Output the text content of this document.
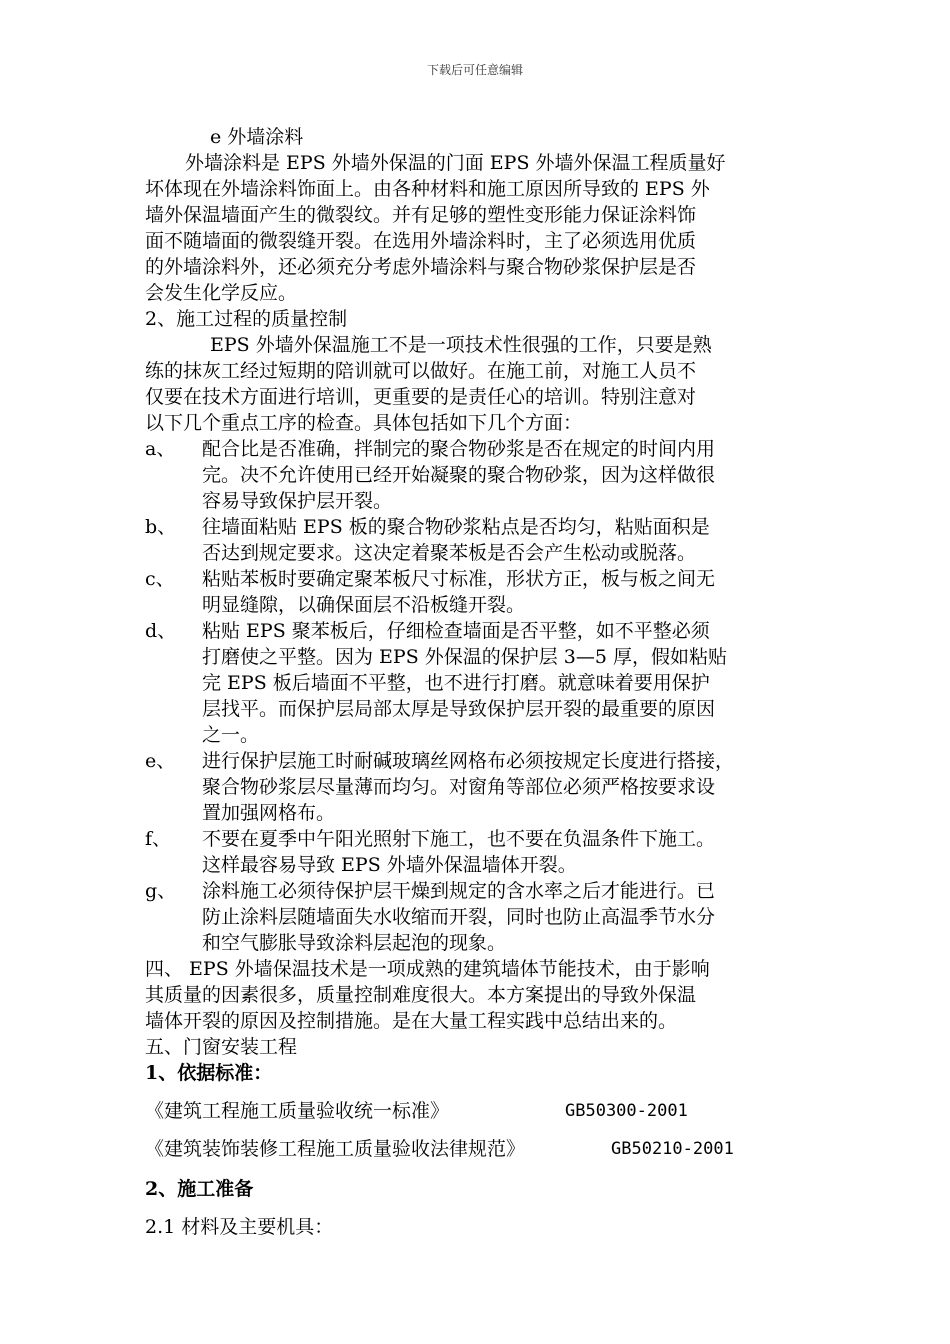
下载后可任意编辑
e 外墙涂料
外墙涂料是 EPS 外墙外保温的门面 EPS 外墙外保温工程质量好
坏体现在外墙涂料饰面上。由各种材料和施工原因所导致的 EPS 外
墙外保温墙面产生的微裂纹。并有足够的塑性变形能力保证涂料饰
面不随墙面的微裂缝开裂。在选用外墙涂料时，主了必须选用优质
的外墙涂料外，还必须充分考虑外墙涂料与聚合物砂浆保护层是否
会发生化学反应。
2、施工过程的质量控制
EPS 外墙外保温施工不是一项技术性很强的工作，只要是熟
练的抹灰工经过短期的陪训就可以做好。在施工前，对施工人员不
仅要在技术方面进行培训，更重要的是责任心的培训。特别注意对
以下几个重点工序的检查。具体包括如下几个方面：
a、	配合比是否准确，拌制完的聚合物砂浆是否在规定的时间内用
完。决不允许使用已经开始凝聚的聚合物砂浆，因为这样做很
容易导致保护层开裂。
b、	往墙面粘贴 EPS 板的聚合物砂浆粘点是否均匀，粘贴面积是
否达到规定要求。这决定着聚苯板是否会产生松动或脱落。
c、	粘贴苯板时要确定聚苯板尺寸标准，形状方正，板与板之间无
明显缝隙，以确保面层不沿板缝开裂。
d、	粘贴 EPS 聚苯板后，仔细检查墙面是否平整，如不平整必须
打磨使之平整。因为 EPS 外保温的保护层 3—5 厚，假如粘贴
完 EPS 板后墙面不平整，也不进行打磨。就意味着要用保护
层找平。而保护层局部太厚是导致保护层开裂的最重要的原因
之一。
e、	进行保护层施工时耐碱玻璃丝网格布必须按规定长度进行搭接，
聚合物砂浆层尽量薄而均匀。对窗角等部位必须严格按要求设
置加强网格布。
f、	不要在夏季中午阳光照射下施工，也不要在负温条件下施工。
这样最容易导致 EPS 外墙外保温墙体开裂。
g、	涂料施工必须待保护层干燥到规定的含水率之后才能进行。已
防止涂料层随墙面失水收缩而开裂，同时也防止高温季节水分
和空气膨胀导致涂料层起泡的现象。
四、 EPS 外墙保温技术是一项成熟的建筑墙体节能技术，由于影响
其质量的因素很多，质量控制难度很大。本方案提出的导致外保温
墙体开裂的原因及控制措施。是在大量工程实践中总结出来的。
五、门窗安装工程
1、依据标准：
《建筑工程施工质量验收统一标准》	GB50300-2001
《建筑装饰装修工程施工质量验收法律规范》	GB50210-2001
2、施工准备
2.1 材料及主要机具：
